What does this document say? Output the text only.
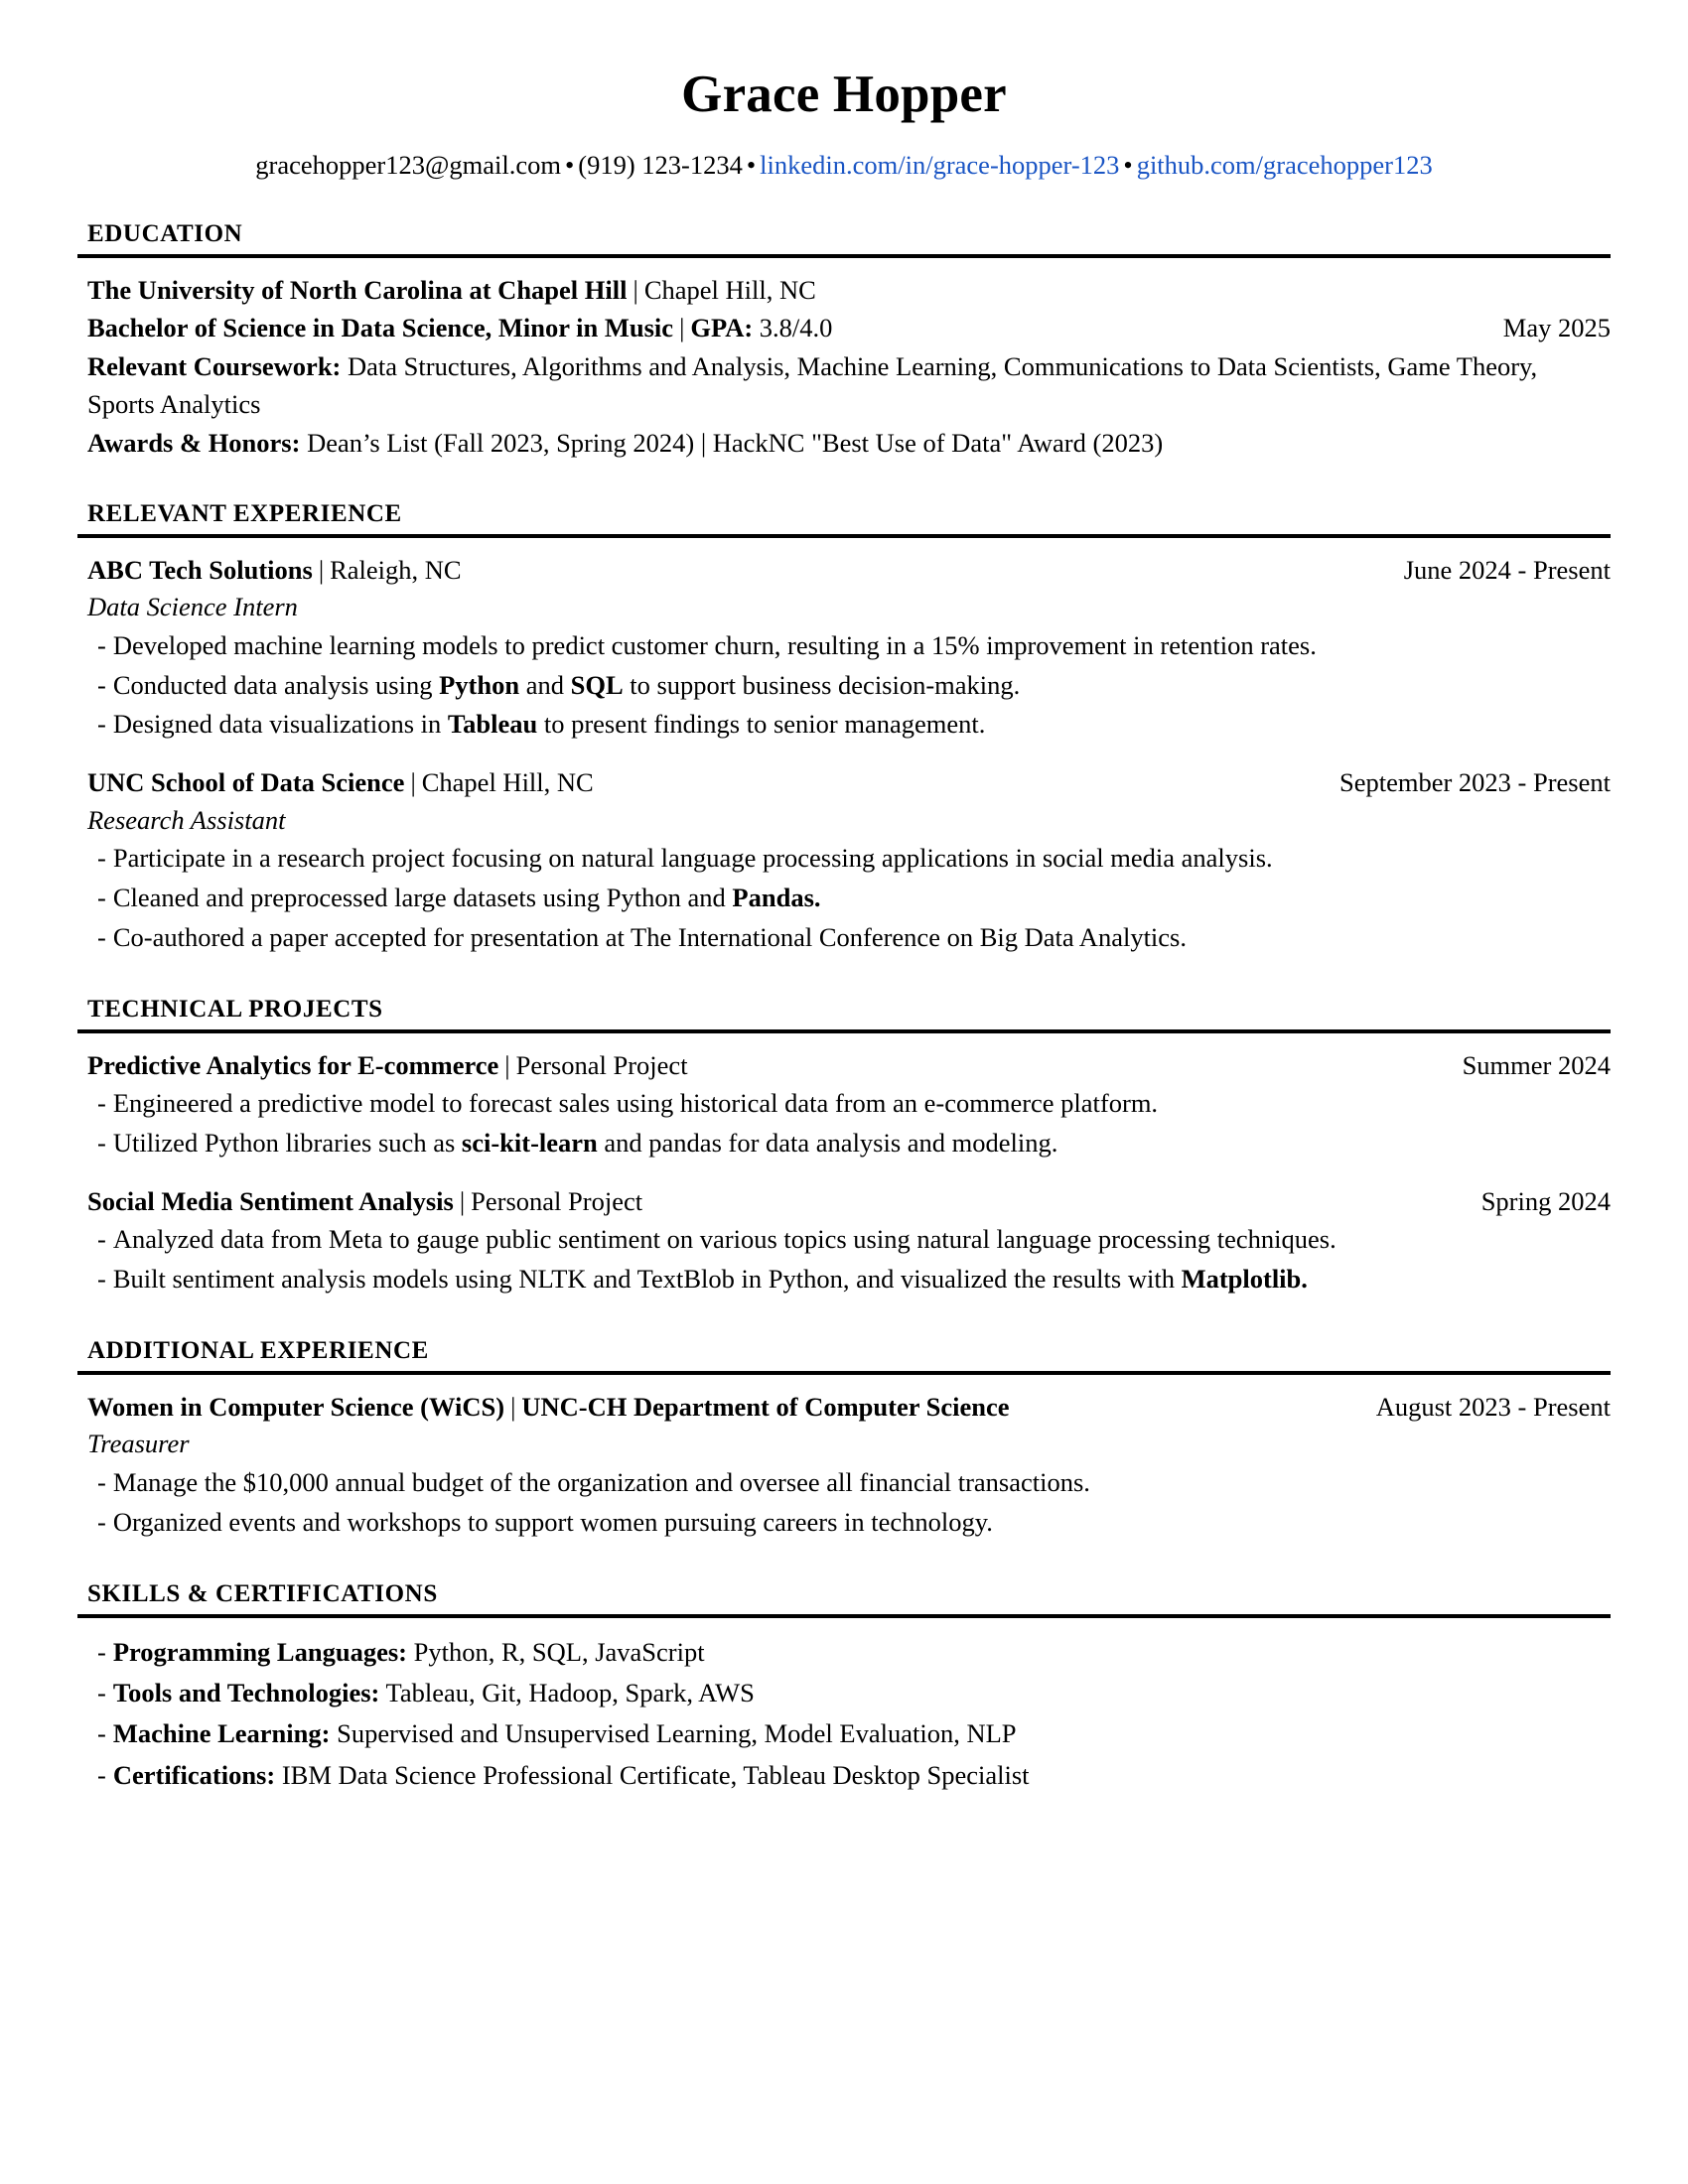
Grace Hopper
gracehopper123@gmail.com • (919) 123-1234 • linkedin.com/in/grace-hopper-123 • github.com/gracehopper123
EDUCATION
The University of North Carolina at Chapel Hill | Chapel Hill, NC
Bachelor of Science in Data Science, Minor in Music | GPA: 3.8/4.0	May 2025
Relevant Coursework: Data Structures, Algorithms and Analysis, Machine Learning, Communications to Data Scientists, Game Theory, Sports Analytics
Awards & Honors: Dean’s List (Fall 2023, Spring 2024) | HackNC "Best Use of Data" Award (2023)
RELEVANT EXPERIENCE
ABC Tech Solutions | Raleigh, NC	June 2024 - Present
Data Science Intern
- Developed machine learning models to predict customer churn, resulting in a 15% improvement in retention rates.
- Conducted data analysis using Python and SQL to support business decision-making.
- Designed data visualizations in Tableau to present findings to senior management.
UNC School of Data Science | Chapel Hill, NC	September 2023 - Present
Research Assistant
- Participate in a research project focusing on natural language processing applications in social media analysis.
- Cleaned and preprocessed large datasets using Python and Pandas.
- Co-authored a paper accepted for presentation at The International Conference on Big Data Analytics.
TECHNICAL PROJECTS
Predictive Analytics for E-commerce | Personal Project	Summer 2024
- Engineered a predictive model to forecast sales using historical data from an e-commerce platform.
- Utilized Python libraries such as sci-kit-learn and pandas for data analysis and modeling.
Social Media Sentiment Analysis | Personal Project	Spring 2024
- Analyzed data from Meta to gauge public sentiment on various topics using natural language processing techniques.
- Built sentiment analysis models using NLTK and TextBlob in Python, and visualized the results with Matplotlib.
ADDITIONAL EXPERIENCE
Women in Computer Science (WiCS) | UNC-CH Department of Computer Science	August 2023 - Present
Treasurer
- Manage the $10,000 annual budget of the organization and oversee all financial transactions.
- Organized events and workshops to support women pursuing careers in technology.
SKILLS & CERTIFICATIONS
- Programming Languages: Python, R, SQL, JavaScript
- Tools and Technologies: Tableau, Git, Hadoop, Spark, AWS
- Machine Learning: Supervised and Unsupervised Learning, Model Evaluation, NLP
- Certifications: IBM Data Science Professional Certificate, Tableau Desktop Specialist
